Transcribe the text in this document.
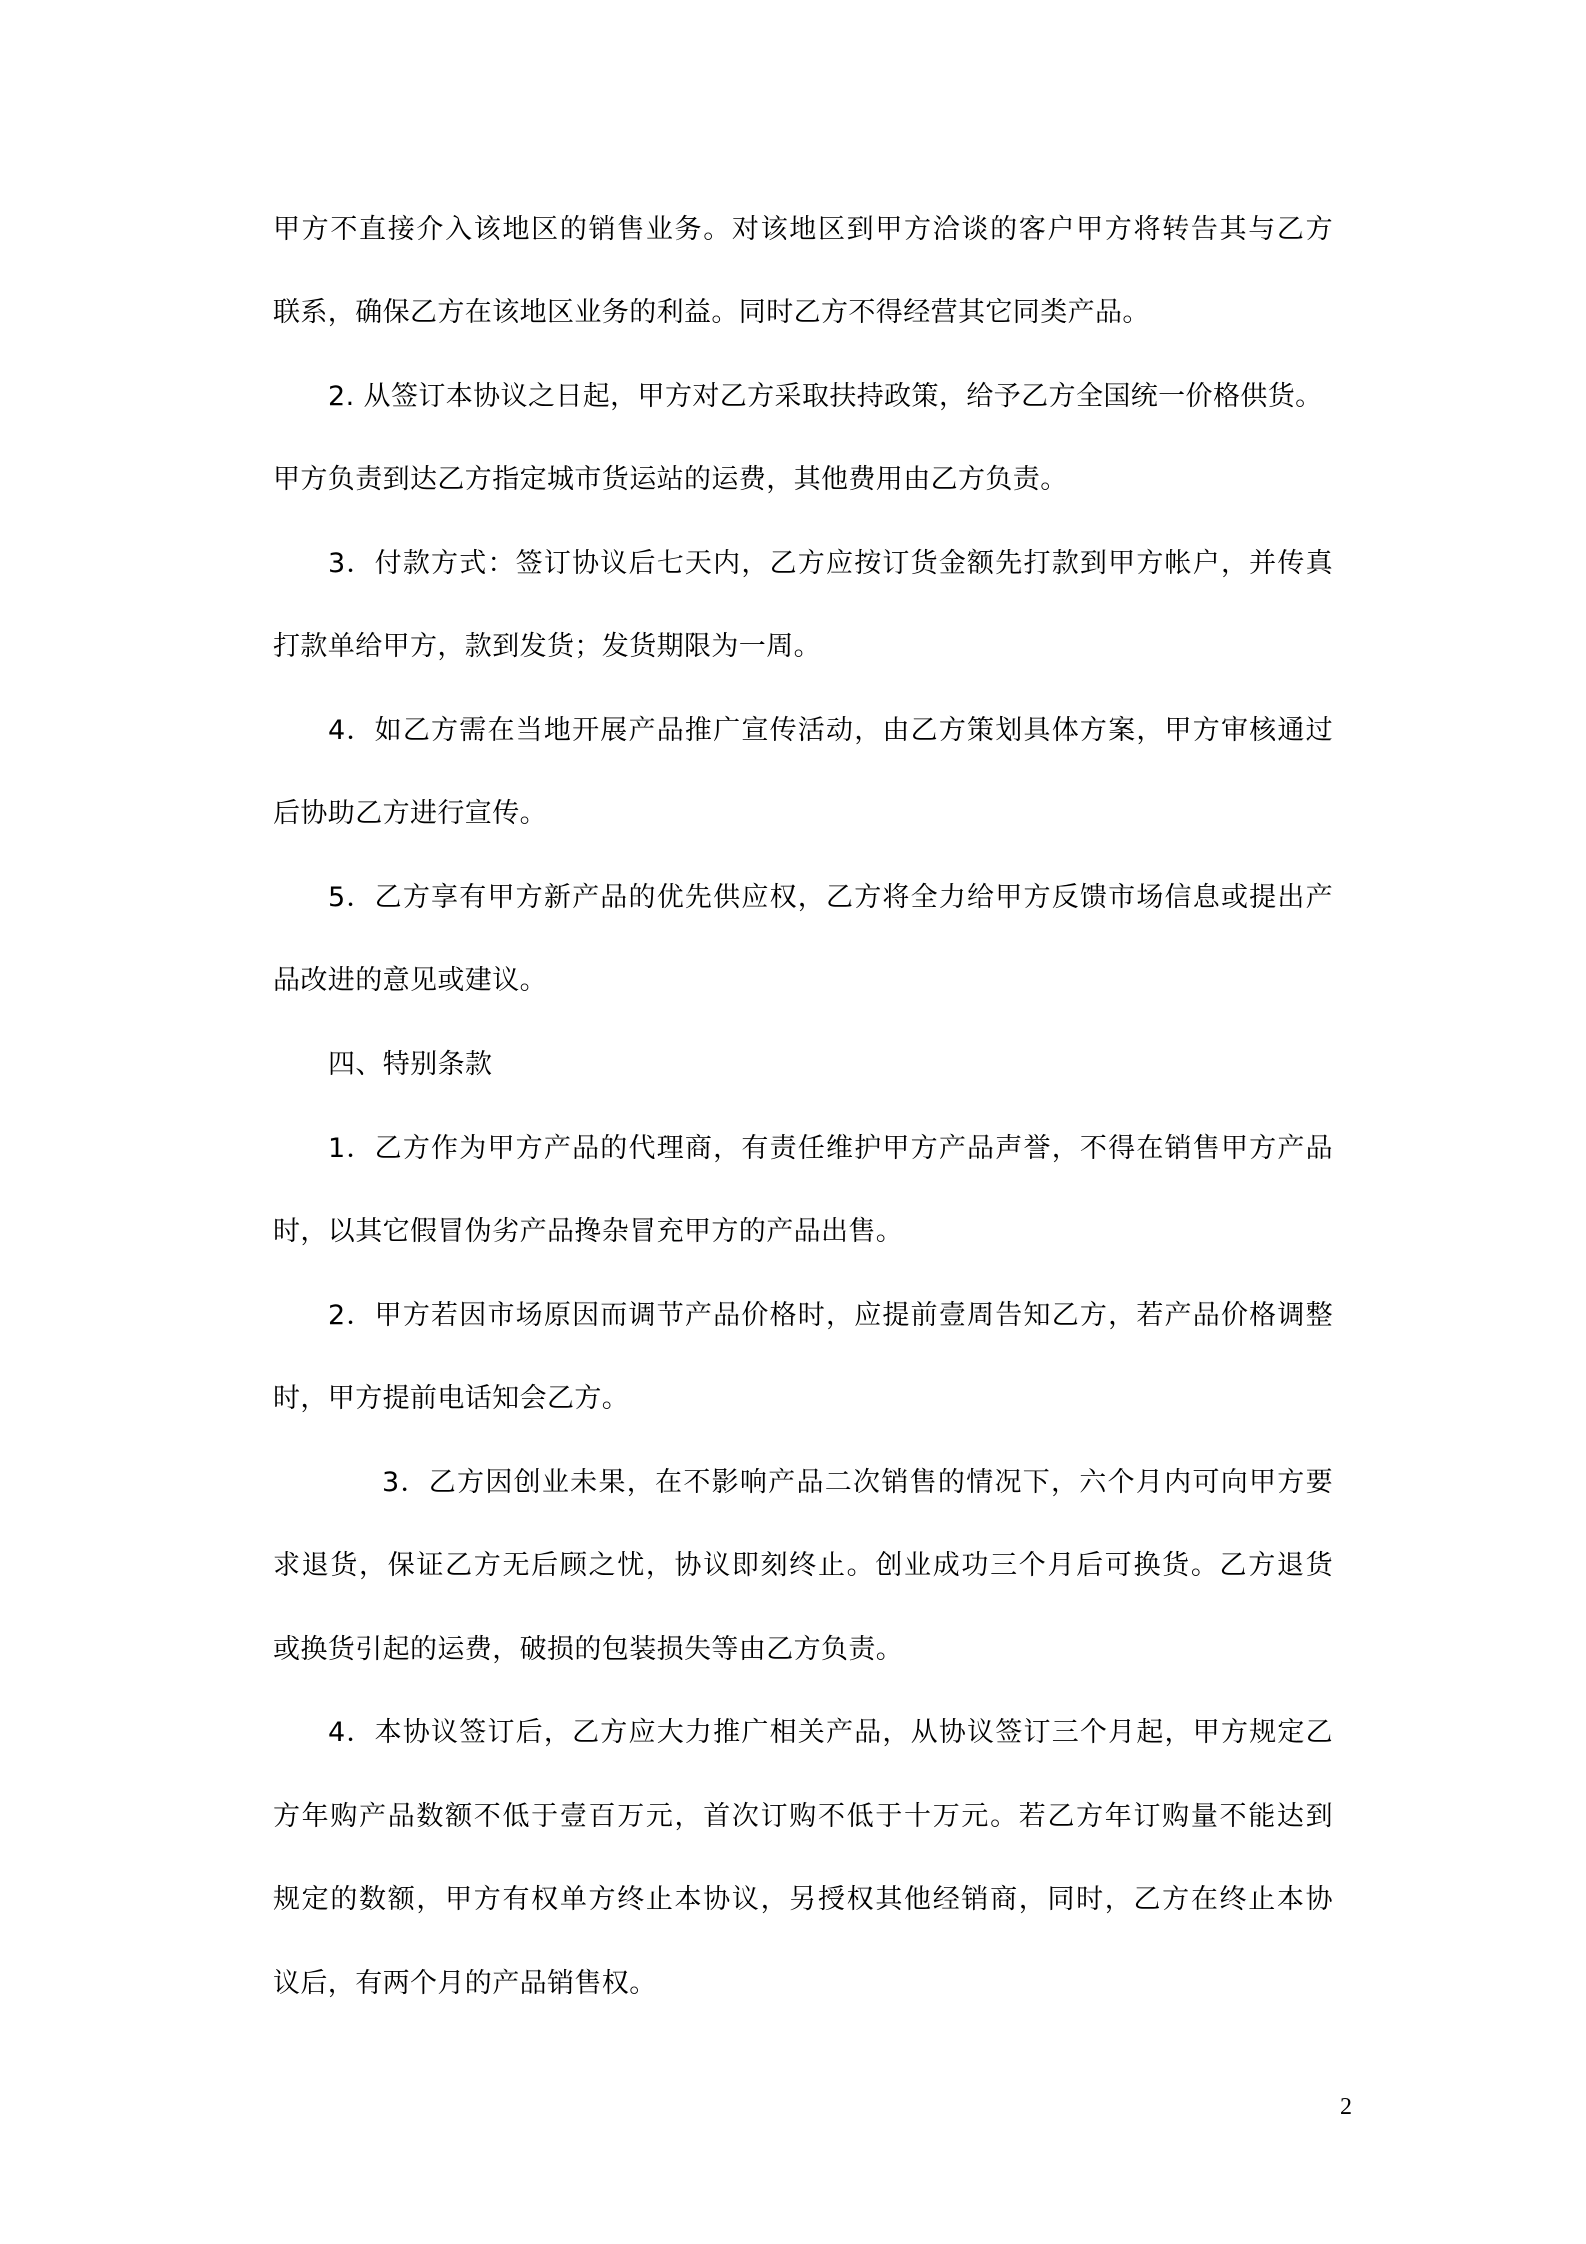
甲方不直接介入该地区的销售业务。对该地区到甲方洽谈的客户甲方将转告其与乙方
联系，确保乙方在该地区业务的利益。同时乙方不得经营其它同类产品。
2. 从签订本协议之日起，甲方对乙方采取扶持政策，给予乙方全国统一价格供货。
甲方负责到达乙方指定城市货运站的运费，其他费用由乙方负责。
3．付款方式：签订协议后七天内，乙方应按订货金额先打款到甲方帐户，并传真
打款单给甲方，款到发货；发货期限为一周。
4．如乙方需在当地开展产品推广宣传活动，由乙方策划具体方案，甲方审核通过
后协助乙方进行宣传。
5．乙方享有甲方新产品的优先供应权，乙方将全力给甲方反馈市场信息或提出产
品改进的意见或建议。
四、特别条款
1．乙方作为甲方产品的代理商，有责任维护甲方产品声誉，不得在销售甲方产品
时，以其它假冒伪劣产品搀杂冒充甲方的产品出售。
2．甲方若因市场原因而调节产品价格时，应提前壹周告知乙方，若产品价格调整
时，甲方提前电话知会乙方。
3．乙方因创业未果，在不影响产品二次销售的情况下，六个月内可向甲方要
求退货，保证乙方无后顾之忧，协议即刻终止。创业成功三个月后可换货。乙方退货
或换货引起的运费，破损的包装损失等由乙方负责。
4．本协议签订后，乙方应大力推广相关产品，从协议签订三个月起，甲方规定乙
方年购产品数额不低于壹百万元，首次订购不低于十万元。若乙方年订购量不能达到
规定的数额，甲方有权单方终止本协议，另授权其他经销商，同时，乙方在终止本协
议后，有两个月的产品销售权。
2
